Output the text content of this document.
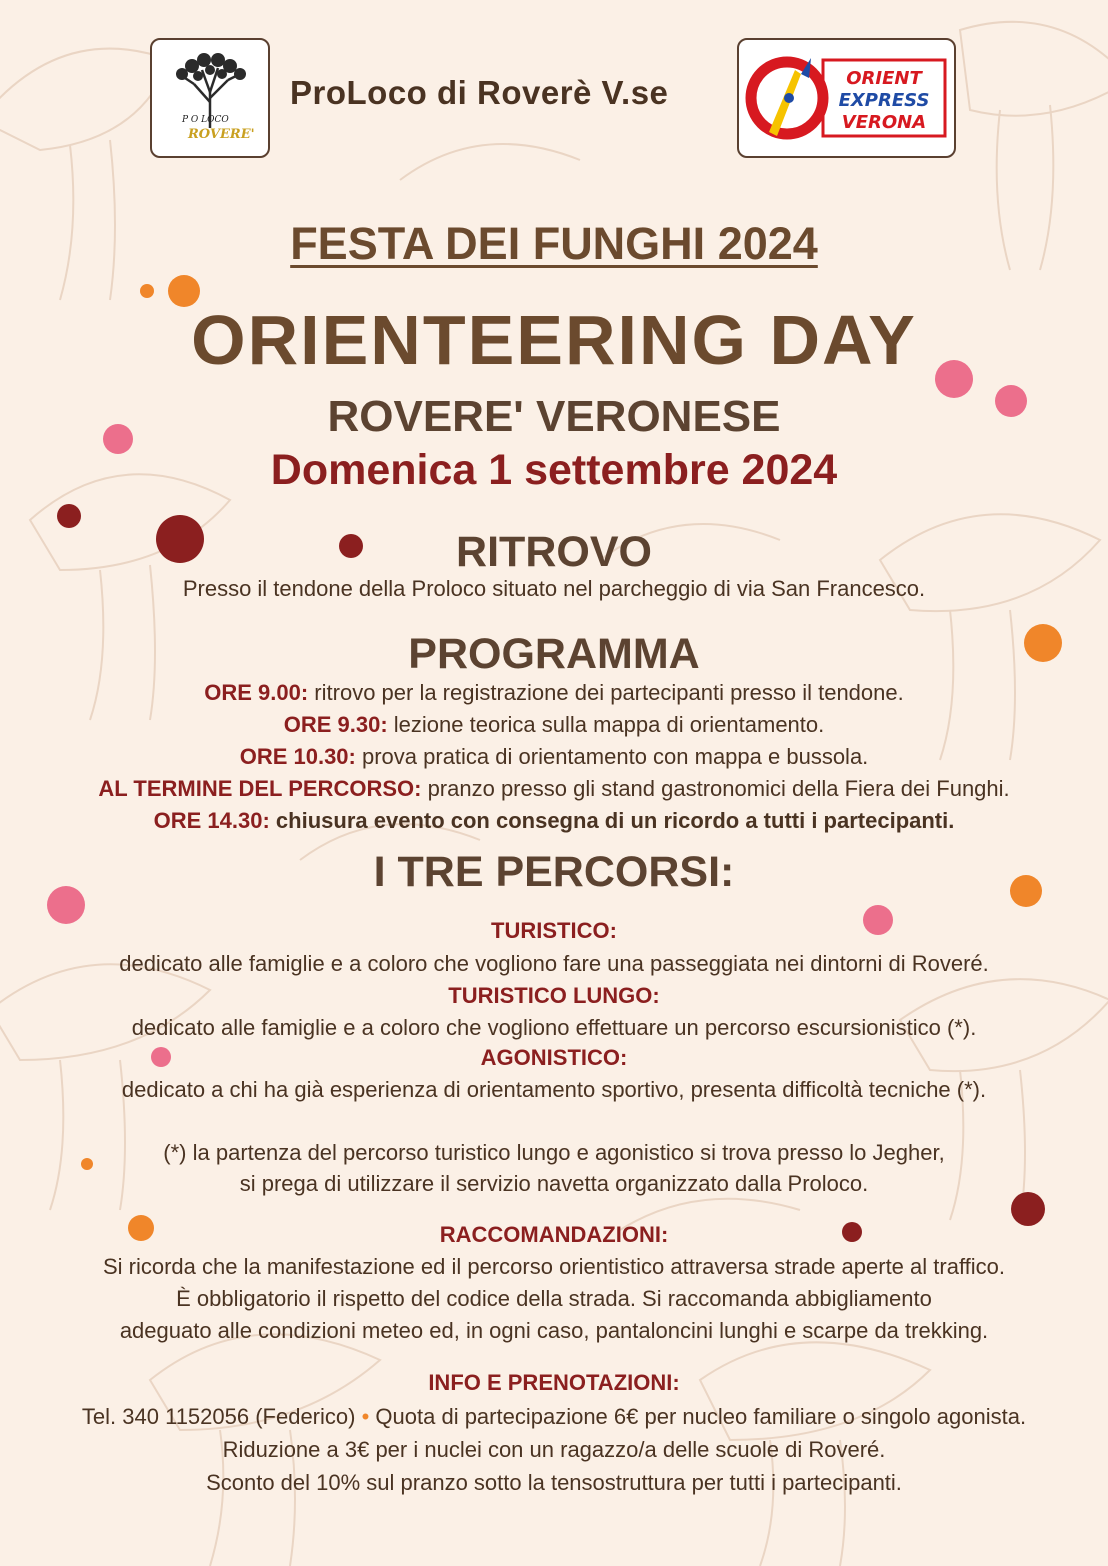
P O LOCO
ROVERE'
ProLoco di Roverè V.se	ORIENT
EXPRESS
VERONA
FESTA DEI FUNGHI 2024
ORIENTEERING DAY
ROVERE' VERONESE
Domenica 1 settembre 2024
RITROVO
Presso il tendone della Proloco situato nel parcheggio di via San Francesco.
PROGRAMMA
ORE 9.00: ritrovo per la registrazione dei partecipanti presso il tendone.
ORE 9.30: lezione teorica sulla mappa di orientamento.
ORE 10.30: prova pratica di orientamento con mappa e bussola.
AL TERMINE DEL PERCORSO: pranzo presso gli stand gastronomici della Fiera dei Funghi.
ORE 14.30: chiusura evento con consegna di un ricordo a tutti i partecipanti.
I TRE PERCORSI:
TURISTICO:
dedicato alle famiglie e a coloro che vogliono fare una passeggiata nei dintorni di Roveré.
TURISTICO LUNGO:
dedicato alle famiglie e a coloro che vogliono effettuare un percorso escursionistico (*).
AGONISTICO:
dedicato a chi ha già esperienza di orientamento sportivo, presenta difficoltà tecniche (*).
(*) la partenza del percorso turistico lungo e agonistico si trova presso lo Jegher,
si prega di utilizzare il servizio navetta organizzato dalla Proloco.
RACCOMANDAZIONI:
Si ricorda che la manifestazione ed il percorso orientistico attraversa strade aperte al traffico.
È obbligatorio il rispetto del codice della strada. Si raccomanda abbigliamento
adeguato alle condizioni meteo ed, in ogni caso, pantaloncini lunghi e scarpe da trekking.
INFO E PRENOTAZIONI:
Tel. 340 1152056 (Federico) • Quota di partecipazione 6€ per nucleo familiare o singolo agonista.
Riduzione a 3€ per i nuclei con un ragazzo/a delle scuole di Roveré.
Sconto del 10% sul pranzo sotto la tensostruttura per tutti i partecipanti.
